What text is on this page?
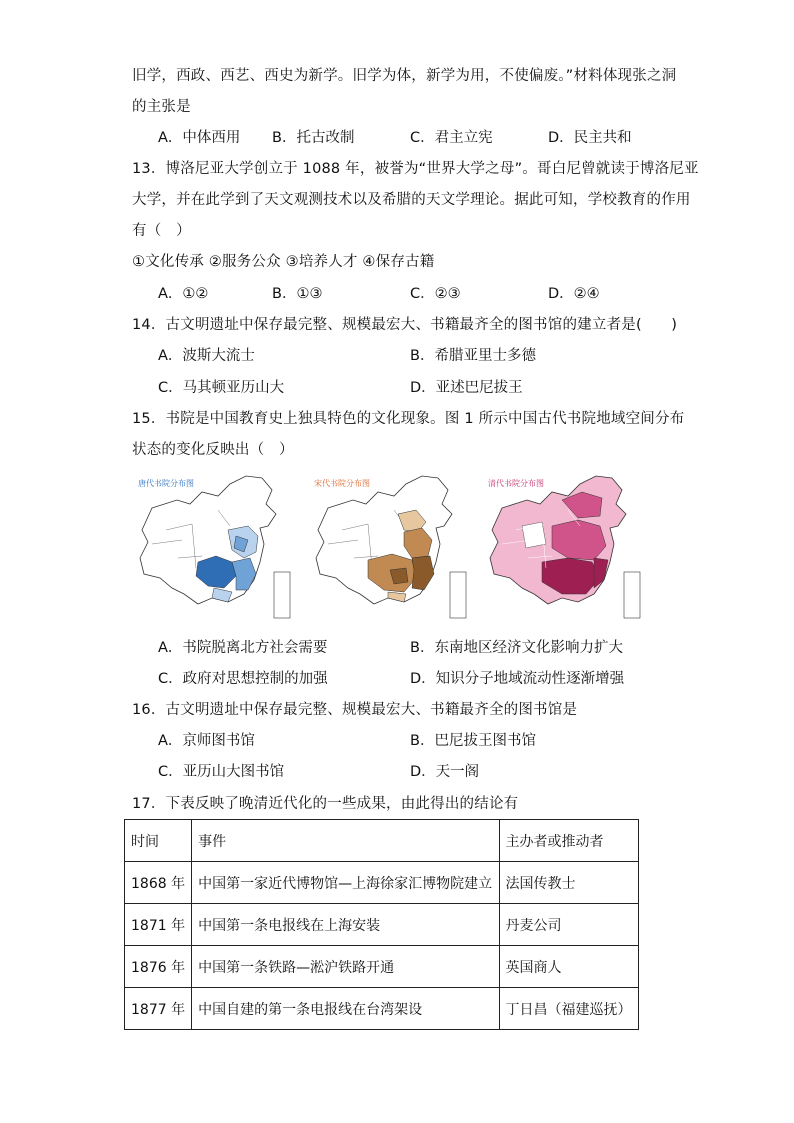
旧学，西政、西艺、西史为新学。旧学为体，新学为用，不使偏废。”材料体现张之洞
的主张是
A．中体西用 B．托古改制	C．君主立宪	D．民主共和
13．博洛尼亚大学创立于 1088 年，被誉为“世界大学之母”。哥白尼曾就读于博洛尼亚
大学，并在此学到了天文观测技术以及希腊的天文学理论。据此可知，学校教育的作用
有（　）
①文化传承 ②服务公众 ③培养人才 ④保存古籍
A．①②	B．①③	C．②③	D．②④
14．古文明遗址中保存最完整、规模最宏大、书籍最齐全的图书馆的建立者是(　　)
A．波斯大流士	B．希腊亚里士多德
C．马其顿亚历山大	D．亚述巴尼拔王
15．书院是中国教育史上独具特色的文化现象。图 1 所示中国古代书院地域空间分布
状态的变化反映出（　）
唐代书院分布图	宋代书院分布图	清代书院分布图
A．书院脱离北方社会需要	B．东南地区经济文化影响力扩大
C．政府对思想控制的加强	D．知识分子地域流动性逐渐增强
16．古文明遗址中保存最完整、规模最宏大、书籍最齐全的图书馆是
A．京师图书馆	B．巴尼拔王图书馆
C．亚历山大图书馆	D．天一阁
17．下表反映了晚清近代化的一些成果，由此得出的结论有
时间	事件	主办者或推动者
1868 年	中国第一家近代博物馆—上海徐家汇博物院建立	法国传教士
1871 年	中国第一条电报线在上海安装	丹麦公司
1876 年	中国第一条铁路—淞沪铁路开通	英国商人
1877 年	中国自建的第一条电报线在台湾架设	丁日昌（福建巡抚）
